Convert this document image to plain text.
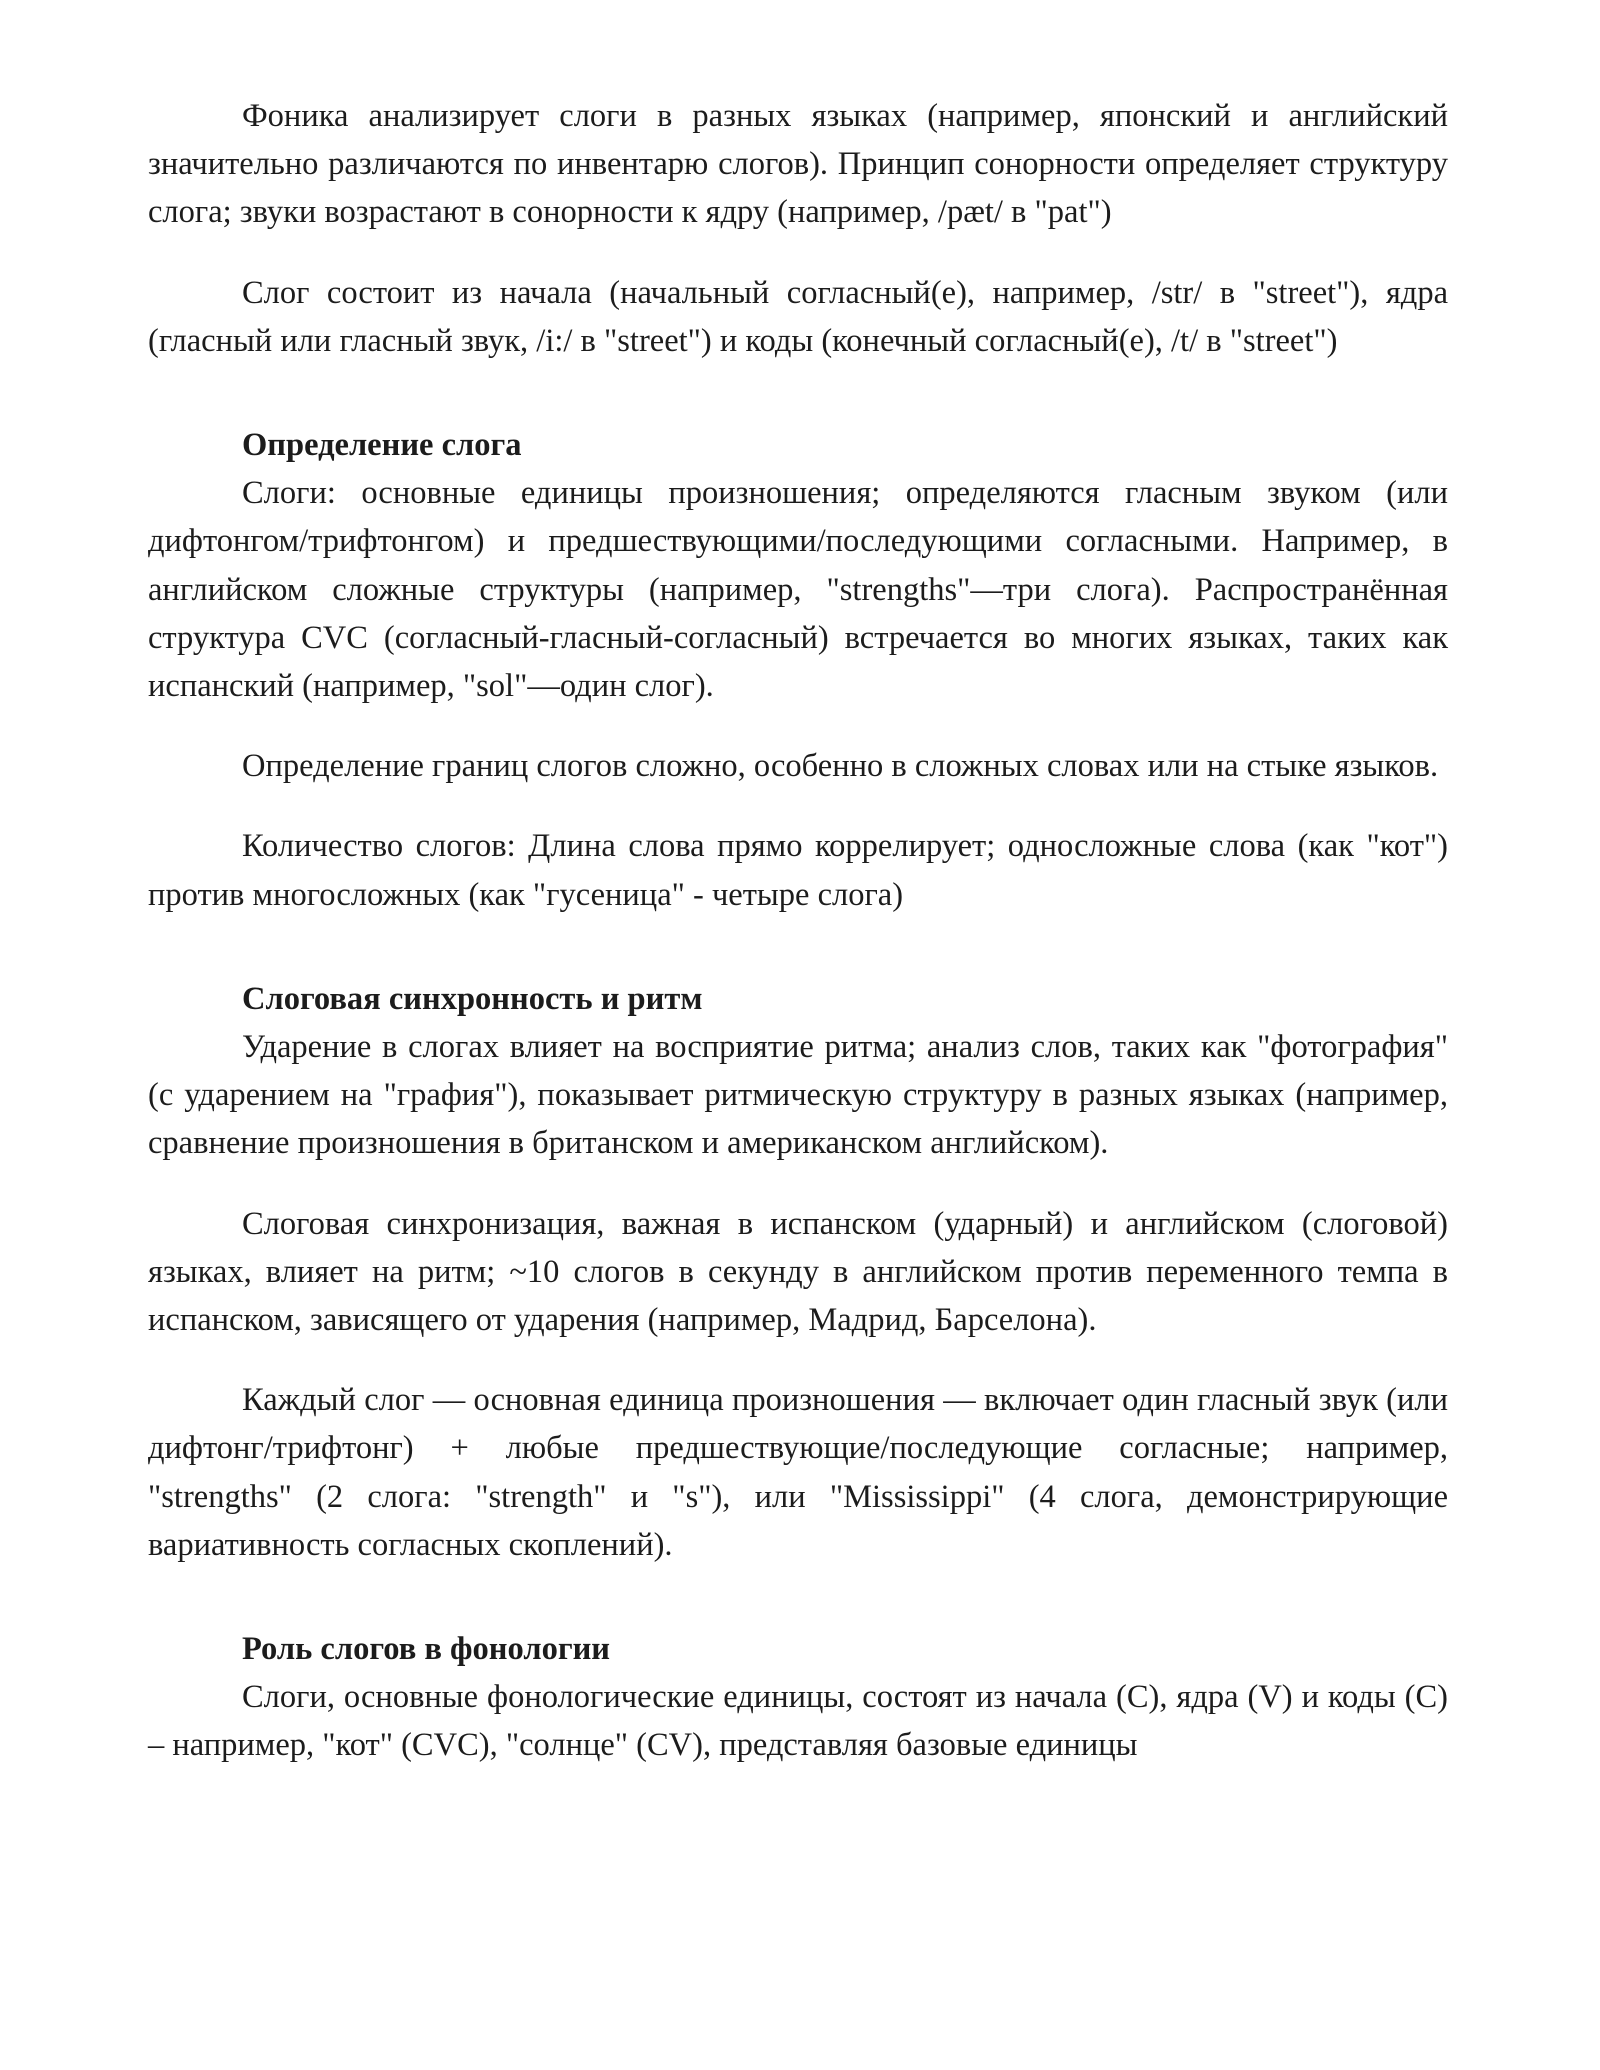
Фоника анализирует слоги в разных языках (например, японский и английский значительно различаются по инвентарю слогов). Принцип сонорности определяет структуру слога; звуки возрастают в сонорности к ядру (например, /pæt/ в "pat")

Слог состоит из начала (начальный согласный(е), например, /str/ в "street"), ядра (гласный или гласный звук, /i:/ в "street") и коды (конечный согласный(е), /t/ в "street")

Определение слога

Слоги: основные единицы произношения; определяются гласным звуком (или дифтонгом/трифтонгом) и предшествующими/последующими согласными. Например, в английском сложные структуры (например, "strengths"—три слога). Распространённая структура CVC (согласный-гласный-согласный) встречается во многих языках, таких как испанский (например, "sol"—один слог).

Определение границ слогов сложно, особенно в сложных словах или на стыке языков.

Количество слогов: Длина слова прямо коррелирует; односложные слова (как "кот") против многосложных (как "гусеница" - четыре слога)

Слоговая синхронность и ритм

Ударение в слогах влияет на восприятие ритма; анализ слов, таких как "фотография" (с ударением на "графия"), показывает ритмическую структуру в разных языках (например, сравнение произношения в британском и американском английском).

Слоговая синхронизация, важная в испанском (ударный) и английском (слоговой) языках, влияет на ритм; ~10 слогов в секунду в английском против переменного темпа в испанском, зависящего от ударения (например, Мадрид, Барселона).

Каждый слог — основная единица произношения — включает один гласный звук (или дифтонг/трифтонг) + любые предшествующие/последующие согласные; например, "strengths" (2 слога: "strength" и "s"), или "Mississippi" (4 слога, демонстрирующие вариативность согласных скоплений).

Роль слогов в фонологии

Слоги, основные фонологические единицы, состоят из начала (C), ядра (V) и коды (C) – например, "кот" (CVC), "солнце" (CV), представляя базовые единицы
